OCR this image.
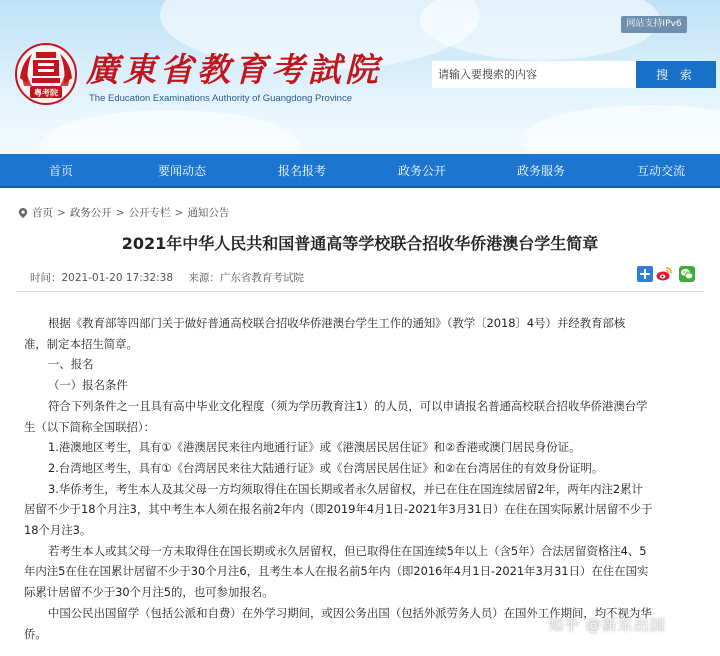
网站支持IPv6
粤考院
廣東省教育考試院
The Education Examinations Authority of Guangdong Province
请输入要搜索的内容
搜 索
首页	要闻动态	报名报考	政务公开	政务服务	互动交流
首页 > 政务公开 > 公开专栏 > 通知公告
2021年中华人民共和国普通高等学校联合招收华侨港澳台学生简章
时间：2021-01-20 17:32:38 来源：广东省教育考试院

根据《教育部等四部门关于做好普通高校联合招收华侨港澳台学生工作的通知》（教学〔2018〕4号）并经教育部核

准，制定本招生简章。

一、报名

（一）报名条件

符合下列条件之一且具有高中毕业文化程度（须为学历教育注1）的人员，可以申请报名普通高校联合招收华侨港澳台学

生（以下简称全国联招）：

1.港澳地区考生，具有①《港澳居民来往内地通行证》或《港澳居民居住证》和②香港或澳门居民身份证。

2.台湾地区考生，具有①《台湾居民来往大陆通行证》或《台湾居民居住证》和②在台湾居住的有效身份证明。

3.华侨考生，考生本人及其父母一方均须取得住在国长期或者永久居留权，并已在住在国连续居留2年，两年内注2累计

居留不少于18个月注3，其中考生本人须在报名前2年内（即2019年4月1日-2021年3月31日）在住在国实际累计居留不少于

18个月注3。

若考生本人或其父母一方未取得住在国长期或永久居留权，但已取得住在国连续5年以上（含5年）合法居留资格注4、5

年内注5在住在国累计居留不少于30个月注6，且考生本人在报名前5年内（即2016年4月1日-2021年3月31日）在住在国实

际累计居留不少于30个月注5的，也可参加报名。

中国公民出国留学（包括公派和自费）在外学习期间，或因公务出国（包括外派劳务人员）在国外工作期间，均不视为华

侨。	知乎 @新东出国
